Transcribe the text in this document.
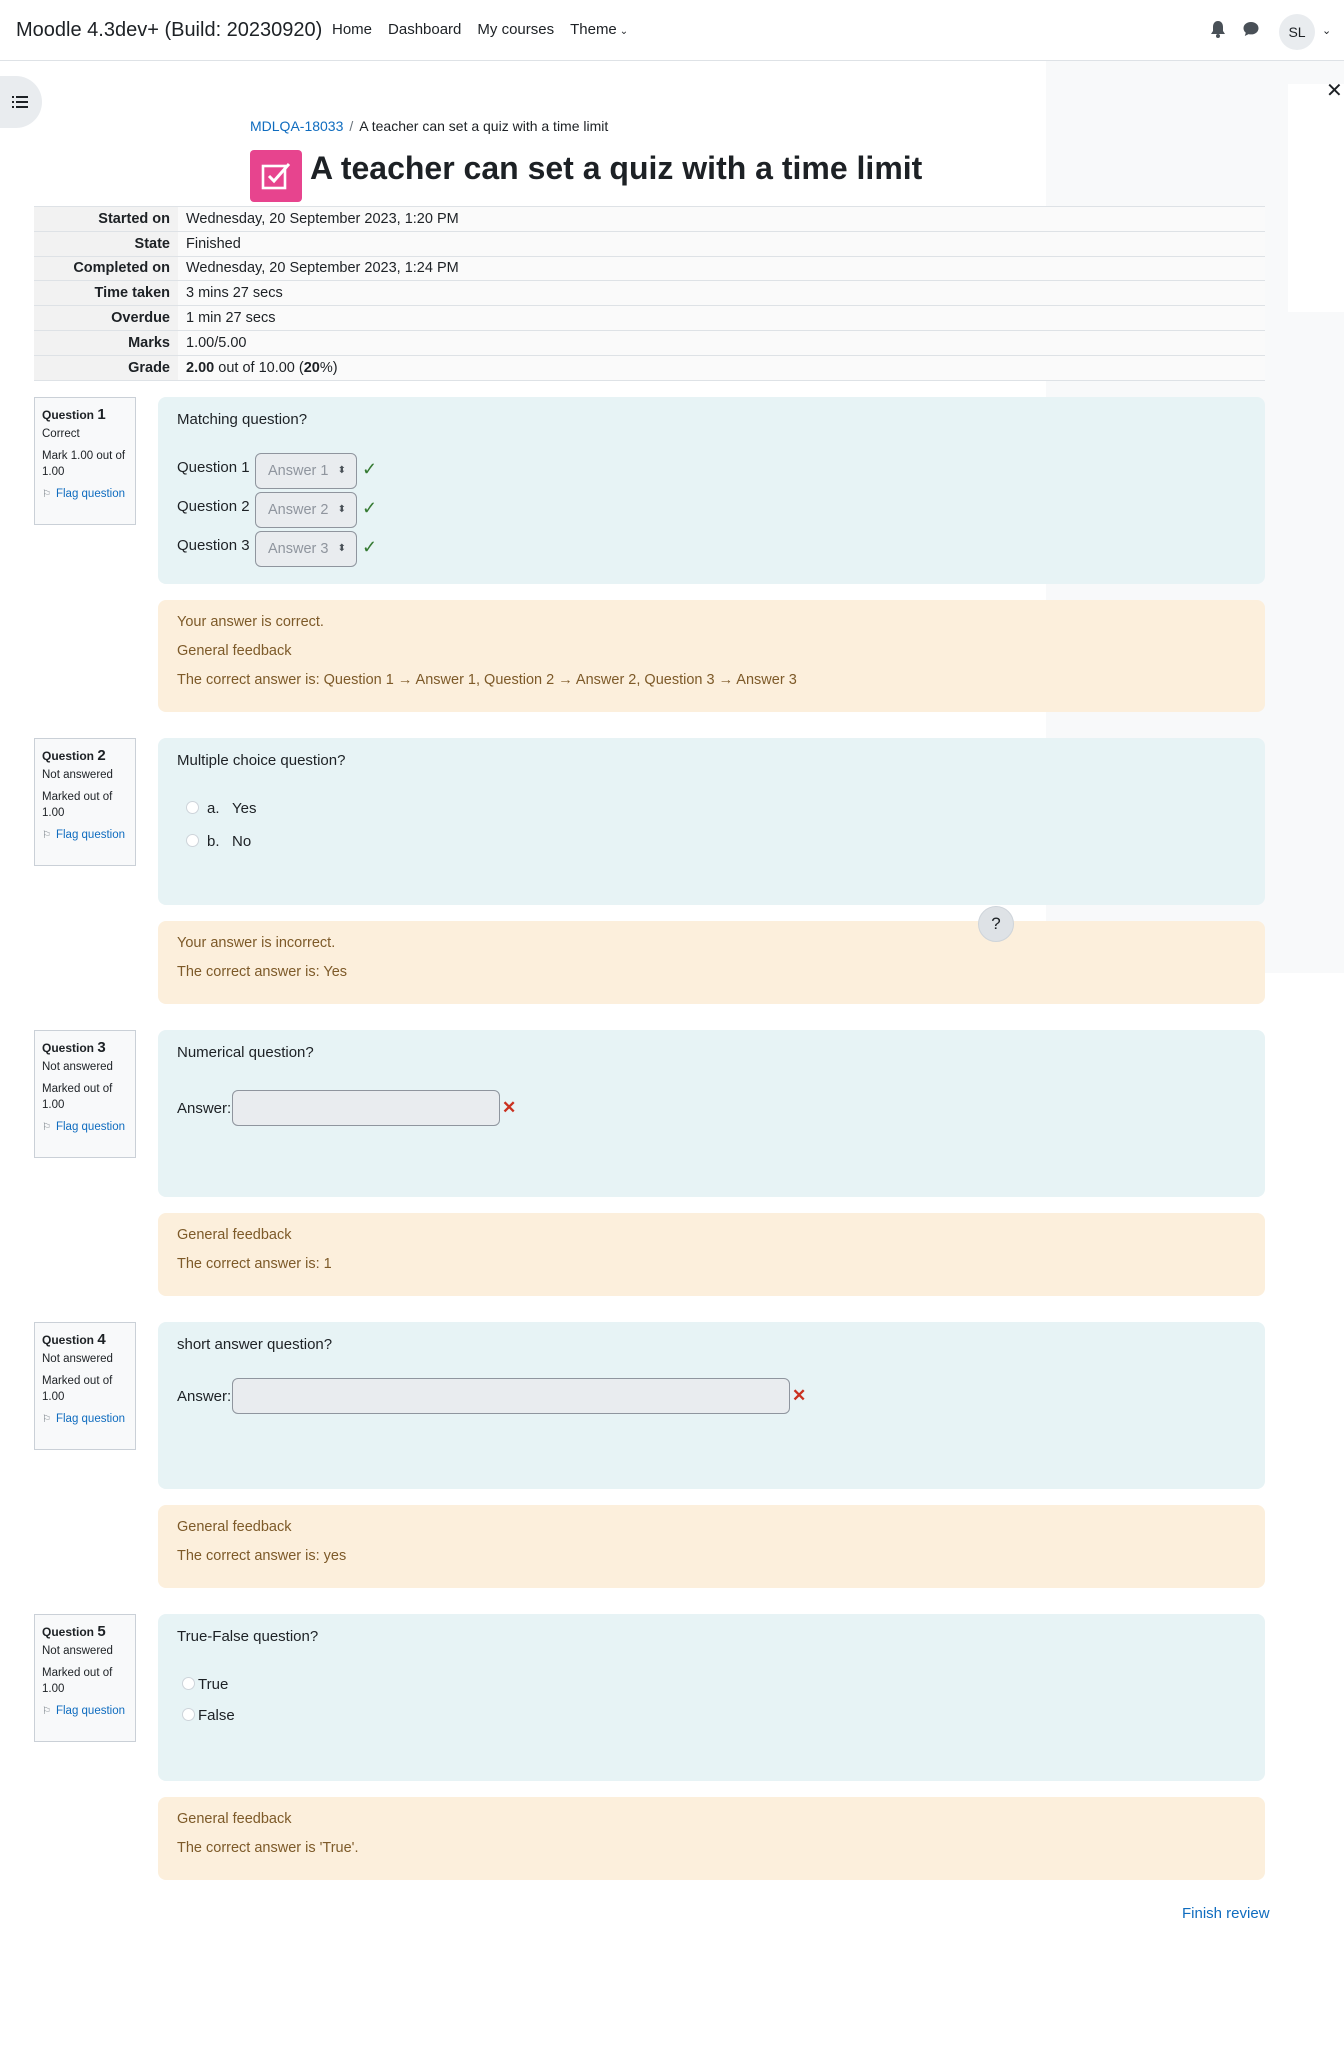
✕
Moodle 4.3dev+ (Build: 20230920) Home Dashboard My courses Theme ⌄	SL	⌄
MDLQA-18033 / A teacher can set a quiz with a time limit
A teacher can set a quiz with a time limit
Started on	Wednesday, 20 September 2023, 1:20 PM
State	Finished
Completed on	Wednesday, 20 September 2023, 1:24 PM
Time taken	3 mins 27 secs
Overdue	1 min 27 secs
Marks	1.00/5.00
Grade	2.00 out of 10.00 (20%)
Question 1
Correct
Mark 1.00 out of 1.00
⚐ Flag question
Matching question?
Question 1	Answer 1 ⬍ ✓
Question 2	Answer 2 ⬍ ✓
Question 3	Answer 3 ⬍ ✓
Your answer is correct.
General feedback
The correct answer is: Question 1 → Answer 1, Question 2 → Answer 2, Question 3 → Answer 3
Question 2
Not answered
Marked out of 1.00
⚐ Flag question
Multiple choice question?
a. Yes
b. No
Your answer is incorrect.
The correct answer is: Yes
Question 3
Not answered
Marked out of 1.00
⚐ Flag question
Numerical question?
Answer:	✕
General feedback
The correct answer is: 1
Question 4
Not answered
Marked out of 1.00
⚐ Flag question
short answer question?
Answer:	✕
General feedback
The correct answer is: yes
Question 5
Not answered
Marked out of 1.00
⚐ Flag question
True-False question?
True
False
General feedback
The correct answer is 'True'.
?
Finish review
